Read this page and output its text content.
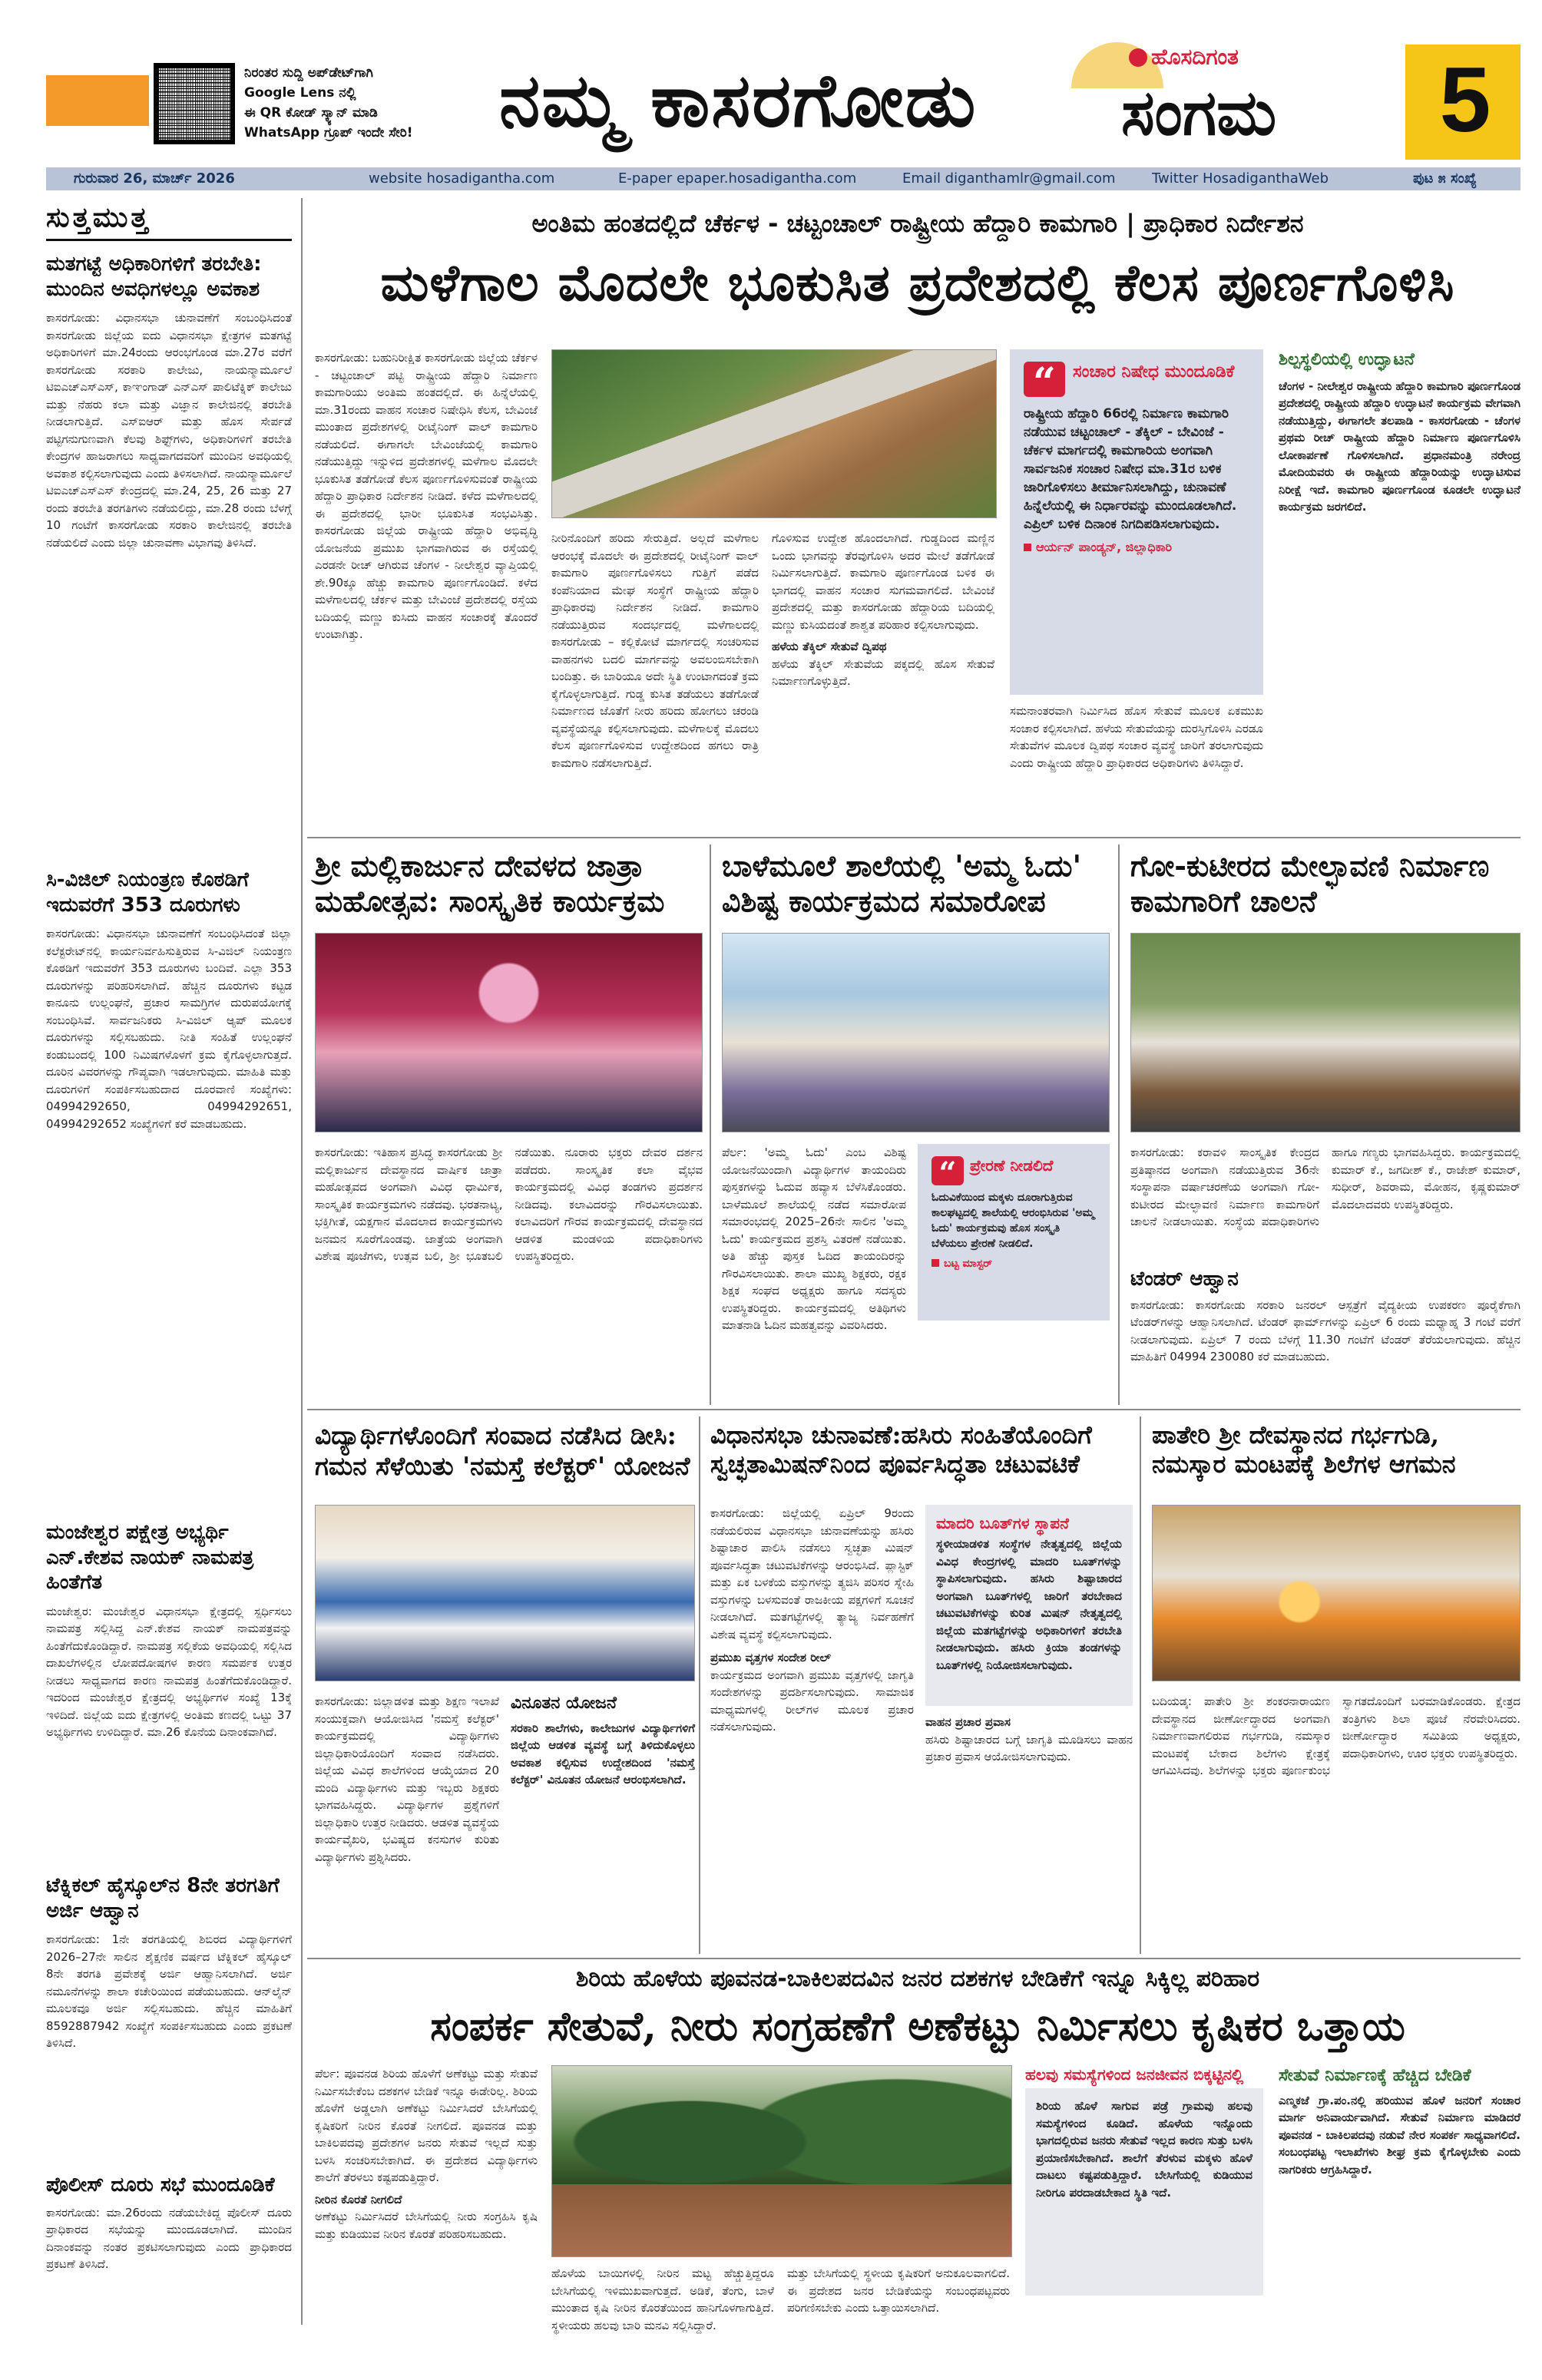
ನಿರಂತರ ಸುದ್ದಿ ಅಪ್‌ಡೇಟ್‌ಗಾಗಿ
Google Lens ನಲ್ಲಿ
ಈ QR ಕೋಡ್ ಸ್ಕ್ಯಾನ್ ಮಾಡಿ
WhatsApp ಗ್ರೂಪ್ ಇಂದೇ ಸೇರಿ!	ನಮ್ಮ ಕಾಸರಗೋಡು	ಹೊಸದಿಗಂತ
ಸಂಗಮ 5
ಗುರುವಾರ 26, ಮಾರ್ಚ್ 2026	website hosadigantha.com	E-paper epaper.hosadigantha.com	Email diganthamlr@gmail.com	Twitter HosadiganthaWeb	ಪುಟ ೫ ಸಂಖ್ಯೆ
ಸುತ್ತಮುತ್ತ
ಮತಗಟ್ಟೆ ಅಧಿಕಾರಿಗಳಿಗೆ ತರಬೇತಿ: ಮುಂದಿನ ಅವಧಿಗಳಲ್ಲೂ ಅವಕಾಶ
ಕಾಸರಗೋಡು: ವಿಧಾನಸಭಾ ಚುನಾವಣೆಗೆ ಸಂಬಂಧಿಸಿದಂತೆ ಕಾಸರಗೋಡು ಜಿಲ್ಲೆಯ ಐದು ವಿಧಾನಸಭಾ ಕ್ಷೇತ್ರಗಳ ಮತಗಟ್ಟೆ ಅಧಿಕಾರಿಗಳಿಗೆ ಮಾ.24ರಂದು ಆರಂಭಗೊಂಡ ಮಾ.27ರ ವರೆಗೆ ಕಾಸರಗೋಡು ಸರಕಾರಿ ಕಾಲೇಜು, ನಾಯನ್ಮಾರ್ಮೂಲೆ ಟಿಐಎಚ್‌ಎಸ್‌ಎಸ್, ಕಾಞಂಗಾಡ್ ಎನ್‌ಎಸ್ ಪಾಲಿಟೆಕ್ನಿಕ್ ಕಾಲೇಜು ಮತ್ತು ನೆಹರು ಕಲಾ ಮತ್ತು ವಿಜ್ಞಾನ ಕಾಲೇಜಿನಲ್ಲಿ ತರಬೇತಿ ನೀಡಲಾಗುತ್ತಿದೆ. ಎಸ್ಐಆರ್ ಮತ್ತು ಹೊಸ ಸೇರ್ಪಡೆ ಪಟ್ಟಿಗನುಗುಣವಾಗಿ ಕೆಲವು ಶಿಫ್ಟ್‌ಗಳು, ಅಧಿಕಾರಿಗಳಿಗೆ ತರಬೇತಿ ಕೇಂದ್ರಗಳ ಹಾಜರಾಗಲು ಸಾಧ್ಯವಾಗದವರಿಗೆ ಮುಂದಿನ ಅವಧಿಯಲ್ಲಿ ಅವಕಾಶ ಕಲ್ಪಿಸಲಾಗುವುದು ಎಂದು ತಿಳಿಸಲಾಗಿದೆ. ನಾಯನ್ಮಾರ್ಮೂಲೆ ಟಿಐಎಚ್‌ಎಸ್‌ಎಸ್ ಕೇಂದ್ರದಲ್ಲಿ ಮಾ.24, 25, 26 ಮತ್ತು 27 ರಂದು ತರಬೇತಿ ತರಗತಿಗಳು ನಡೆಯಲಿದ್ದು, ಮಾ.28 ರಂದು ಬೆಳಗ್ಗೆ 10 ಗಂಟೆಗೆ ಕಾಸರಗೋಡು ಸರಕಾರಿ ಕಾಲೇಜಿನಲ್ಲಿ ತರಬೇತಿ ನಡೆಯಲಿದೆ ಎಂದು ಜಿಲ್ಲಾ ಚುನಾವಣಾ ವಿಭಾಗವು ತಿಳಿಸಿದೆ.
ಸಿ-ವಿಜಿಲ್ ನಿಯಂತ್ರಣ ಕೊಠಡಿಗೆ ಇದುವರೆಗೆ 353 ದೂರುಗಳು
ಕಾಸರಗೋಡು: ವಿಧಾನಸಭಾ ಚುನಾವಣೆಗೆ ಸಂಬಂಧಿಸಿದಂತೆ ಜಿಲ್ಲಾ ಕಲೆಕ್ಟರೇಟ್‌ನಲ್ಲಿ ಕಾರ್ಯನಿರ್ವಹಿಸುತ್ತಿರುವ ಸಿ-ವಿಜಿಲ್ ನಿಯಂತ್ರಣ ಕೊಠಡಿಗೆ ಇದುವರೆಗೆ 353 ದೂರುಗಳು ಬಂದಿವೆ. ಎಲ್ಲಾ 353 ದೂರುಗಳನ್ನು ಪರಿಹರಿಸಲಾಗಿದೆ. ಹೆಚ್ಚಿನ ದೂರುಗಳು ಕಟ್ಟಡ ಕಾನೂನು ಉಲ್ಲಂಘನೆ, ಪ್ರಚಾರ ಸಾಮಗ್ರಿಗಳ ದುರುಪಯೋಗಕ್ಕೆ ಸಂಬಂಧಿಸಿವೆ. ಸಾರ್ವಜನಿಕರು ಸಿ-ವಿಜಿಲ್ ಆ್ಯಪ್ ಮೂಲಕ ದೂರುಗಳನ್ನು ಸಲ್ಲಿಸಬಹುದು. ನೀತಿ ಸಂಹಿತೆ ಉಲ್ಲಂಘನೆ ಕಂಡುಬಂದಲ್ಲಿ 100 ನಿಮಿಷಗಳೊಳಗೆ ಕ್ರಮ ಕೈಗೊಳ್ಳಲಾಗುತ್ತದೆ. ದೂರಿನ ವಿವರಗಳನ್ನು ಗೌಪ್ಯವಾಗಿ ಇಡಲಾಗುವುದು. ಮಾಹಿತಿ ಮತ್ತು ದೂರುಗಳಿಗೆ ಸಂಪರ್ಕಿಸಬಹುದಾದ ದೂರವಾಣಿ ಸಂಖ್ಯೆಗಳು: 04994292650, 04994292651, 04994292652 ಸಂಖ್ಯೆಗಳಿಗೆ ಕರೆ ಮಾಡಬಹುದು.
ಮಂಜೇಶ್ವರ ಪಕ್ಷೇತ್ರ ಅಭ್ಯರ್ಥಿ ಎನ್.ಕೇಶವ ನಾಯಕ್ ನಾಮಪತ್ರ ಹಿಂತೆಗೆತ
ಮಂಜೇಶ್ವರ: ಮಂಜೇಶ್ವರ ವಿಧಾನಸಭಾ ಕ್ಷೇತ್ರದಲ್ಲಿ ಸ್ಪರ್ಧಿಸಲು ನಾಮಪತ್ರ ಸಲ್ಲಿಸಿದ್ದ ಎನ್.ಕೇಶವ ನಾಯಕ್ ನಾಮಪತ್ರವನ್ನು ಹಿಂತೆಗೆದುಕೊಂಡಿದ್ದಾರೆ. ನಾಮಪತ್ರ ಸಲ್ಲಿಕೆಯ ಅವಧಿಯಲ್ಲಿ ಸಲ್ಲಿಸಿದ ದಾಖಲೆಗಳಲ್ಲಿನ ಲೋಪದೋಷಗಳ ಕಾರಣ ಸಮರ್ಪಕ ಉತ್ತರ ನೀಡಲು ಸಾಧ್ಯವಾಗದ ಕಾರಣ ನಾಮಪತ್ರ ಹಿಂತೆಗೆದುಕೊಂಡಿದ್ದಾರೆ. ಇದರಿಂದ ಮಂಜೇಶ್ವರ ಕ್ಷೇತ್ರದಲ್ಲಿ ಅಭ್ಯರ್ಥಿಗಳ ಸಂಖ್ಯೆ 13ಕ್ಕೆ ಇಳಿದಿದೆ. ಜಿಲ್ಲೆಯ ಐದು ಕ್ಷೇತ್ರಗಳಲ್ಲಿ ಅಂತಿಮ ಕಣದಲ್ಲಿ ಒಟ್ಟು 37 ಅಭ್ಯರ್ಥಿಗಳು ಉಳಿದಿದ್ದಾರೆ. ಮಾ.26 ಕೊನೆಯ ದಿನಾಂಕವಾಗಿದೆ.
ಟೆಕ್ನಿಕಲ್ ಹೈಸ್ಕೂಲ್‌ನ 8ನೇ ತರಗತಿಗೆ ಅರ್ಜಿ ಆಹ್ವಾನ
ಕಾಸರಗೋಡು: 1ನೇ ತರಗತಿಯಲ್ಲಿ ಶಿಬಿರದ ವಿದ್ಯಾರ್ಥಿಗಳಿಗೆ 2026–27ನೇ ಸಾಲಿನ ಶೈಕ್ಷಣಿಕ ವರ್ಷದ ಟೆಕ್ನಿಕಲ್ ಹೈಸ್ಕೂಲ್ 8ನೇ ತರಗತಿ ಪ್ರವೇಶಕ್ಕೆ ಅರ್ಜಿ ಆಹ್ವಾನಿಸಲಾಗಿದೆ. ಅರ್ಜಿ ನಮೂನೆಗಳನ್ನು ಶಾಲಾ ಕಚೇರಿಯಿಂದ ಪಡೆಯಬಹುದು. ಆನ್‌ಲೈನ್ ಮೂಲಕವೂ ಅರ್ಜಿ ಸಲ್ಲಿಸಬಹುದು. ಹೆಚ್ಚಿನ ಮಾಹಿತಿಗೆ 8592887942 ಸಂಖ್ಯೆಗೆ ಸಂಪರ್ಕಿಸಬಹುದು ಎಂದು ಪ್ರಕಟಣೆ ತಿಳಿಸಿದೆ.
ಪೊಲೀಸ್ ದೂರು ಸಭೆ ಮುಂದೂಡಿಕೆ
ಕಾಸರಗೋಡು: ಮಾ.26ರಂದು ನಡೆಯಬೇಕಿದ್ದ ಪೊಲೀಸ್ ದೂರು ಪ್ರಾಧಿಕಾರದ ಸಭೆಯನ್ನು ಮುಂದೂಡಲಾಗಿದೆ. ಮುಂದಿನ ದಿನಾಂಕವನ್ನು ನಂತರ ಪ್ರಕಟಿಸಲಾಗುವುದು ಎಂದು ಪ್ರಾಧಿಕಾರದ ಪ್ರಕಟಣೆ ತಿಳಿಸಿದೆ.
ಅಂತಿಮ ಹಂತದಲ್ಲಿದೆ ಚೆರ್ಕಳ - ಚಟ್ಟಂಚಾಲ್ ರಾಷ್ಟ್ರೀಯ ಹೆದ್ದಾರಿ ಕಾಮಗಾರಿ | ಪ್ರಾಧಿಕಾರ ನಿರ್ದೇಶನ
ಮಳೆಗಾಲ ಮೊದಲೇ ಭೂಕುಸಿತ ಪ್ರದೇಶದಲ್ಲಿ ಕೆಲಸ ಪೂರ್ಣಗೊಳಿಸಿ
ಕಾಸರಗೋಡು: ಬಹುನಿರೀಕ್ಷಿತ ಕಾಸರಗೋಡು ಜಿಲ್ಲೆಯ ಚೆರ್ಕಳ - ಚಟ್ಟಂಚಾಲ್ ಪಟ್ಟಿ ರಾಷ್ಟ್ರೀಯ ಹೆದ್ದಾರಿ ನಿರ್ಮಾಣ ಕಾಮಗಾರಿಯು ಅಂತಿಮ ಹಂತದಲ್ಲಿದೆ. ಈ ಹಿನ್ನೆಲೆಯಲ್ಲಿ ಮಾ.31ರಂದು ವಾಹನ ಸಂಚಾರ ನಿಷೇಧಿಸಿ ಕೆಲಸ, ಬೇವಿಂಜೆ ಮುಂತಾದ ಪ್ರದೇಶಗಳಲ್ಲಿ ರೀಟೈನಿಂಗ್ ವಾಲ್ ಕಾಮಗಾರಿ ನಡೆಯಲಿದೆ. ಈಗಾಗಲೇ ಬೇವಿಂಜೆಯಲ್ಲಿ ಕಾಮಗಾರಿ ನಡೆಯುತ್ತಿದ್ದು ಇನ್ನುಳಿದ ಪ್ರದೇಶಗಳಲ್ಲಿ ಮಳೆಗಾಲ ಮೊದಲೇ ಭೂಕುಸಿತ ತಡೆಗೋಡೆ ಕೆಲಸ ಪೂರ್ಣಗೊಳಿಸುವಂತೆ ರಾಷ್ಟ್ರೀಯ ಹೆದ್ದಾರಿ ಪ್ರಾಧಿಕಾರ ನಿರ್ದೇಶನ ನೀಡಿದೆ. ಕಳೆದ ಮಳೆಗಾಲದಲ್ಲಿ ಈ ಪ್ರದೇಶದಲ್ಲಿ ಭಾರೀ ಭೂಕುಸಿತ ಸಂಭವಿಸಿತ್ತು. ಕಾಸರಗೋಡು ಜಿಲ್ಲೆಯ ರಾಷ್ಟ್ರೀಯ ಹೆದ್ದಾರಿ ಅಭಿವೃದ್ಧಿ ಯೋಜನೆಯ ಪ್ರಮುಖ ಭಾಗವಾಗಿರುವ ಈ ರಸ್ತೆಯಲ್ಲಿ ಎರಡನೇ ರೀಚ್ ಆಗಿರುವ ಚೆಂಗಳ - ನೀಲೇಶ್ವರ ವ್ಯಾಪ್ತಿಯಲ್ಲಿ ಶೇ.90ಕ್ಕೂ ಹೆಚ್ಚು ಕಾಮಗಾರಿ ಪೂರ್ಣಗೊಂಡಿದೆ. ಕಳೆದ ಮಳೆಗಾಲದಲ್ಲಿ ಚೆರ್ಕಳ ಮತ್ತು ಬೇವಿಂಜೆ ಪ್ರದೇಶದಲ್ಲಿ ರಸ್ತೆಯ ಬದಿಯಲ್ಲಿ ಮಣ್ಣು ಕುಸಿದು ವಾಹನ ಸಂಚಾರಕ್ಕೆ ತೊಂದರೆ ಉಂಟಾಗಿತ್ತು.
ನೀರಿನೊಂದಿಗೆ ಹರಿದು ಸೇರುತ್ತಿದೆ. ಅಲ್ಲದೆ ಮಳೆಗಾಲ ಆರಂಭಕ್ಕೆ ಮೊದಲೇ ಈ ಪ್ರದೇಶದಲ್ಲಿ ರೀಟೈನಿಂಗ್ ವಾಲ್ ಕಾಮಗಾರಿ ಪೂರ್ಣಗೊಳಿಸಲು ಗುತ್ತಿಗೆ ಪಡೆದ ಕಂಪೆನಿಯಾದ ಮೇಘ ಸಂಸ್ಥೆಗೆ ರಾಷ್ಟ್ರೀಯ ಹೆದ್ದಾರಿ ಪ್ರಾಧಿಕಾರವು ನಿರ್ದೇಶನ ನೀಡಿದೆ. ಕಾಮಗಾರಿ ನಡೆಯುತ್ತಿರುವ ಸಂದರ್ಭದಲ್ಲಿ ಮಳೆಗಾಲದಲ್ಲಿ ಕಾಸರಗೋಡು – ಕಲ್ಲಿಕೋಟೆ ಮಾರ್ಗದಲ್ಲಿ ಸಂಚರಿಸುವ ವಾಹನಗಳು ಬದಲಿ ಮಾರ್ಗವನ್ನು ಅವಲಂಬಿಸಬೇಕಾಗಿ ಬಂದಿತ್ತು. ಈ ಬಾರಿಯೂ ಅದೇ ಸ್ಥಿತಿ ಉಂಟಾಗದಂತೆ ಕ್ರಮ ಕೈಗೊಳ್ಳಲಾಗುತ್ತಿದೆ. ಗುಡ್ಡ ಕುಸಿತ ತಡೆಯಲು ತಡೆಗೋಡೆ ನಿರ್ಮಾಣದ ಜೊತೆಗೆ ನೀರು ಹರಿದು ಹೋಗಲು ಚರಂಡಿ ವ್ಯವಸ್ಥೆಯನ್ನೂ ಕಲ್ಪಿಸಲಾಗುವುದು. ಮಳೆಗಾಲಕ್ಕೆ ಮೊದಲು ಕೆಲಸ ಪೂರ್ಣಗೊಳಿಸುವ ಉದ್ದೇಶದಿಂದ ಹಗಲು ರಾತ್ರಿ ಕಾಮಗಾರಿ ನಡೆಸಲಾಗುತ್ತಿದೆ.
ಗೊಳಿಸುವ ಉದ್ದೇಶ ಹೊಂದಲಾಗಿದೆ. ಗುಡ್ಡದಿಂದ ಮಣ್ಣಿನ ಒಂದು ಭಾಗವನ್ನು ತೆರವುಗೊಳಿಸಿ ಅದರ ಮೇಲೆ ತಡೆಗೋಡೆ ನಿರ್ಮಿಸಲಾಗುತ್ತಿದೆ. ಕಾಮಗಾರಿ ಪೂರ್ಣಗೊಂಡ ಬಳಿಕ ಈ ಭಾಗದಲ್ಲಿ ವಾಹನ ಸಂಚಾರ ಸುಗಮವಾಗಲಿದೆ. ಬೇವಿಂಜೆ ಪ್ರದೇಶದಲ್ಲಿ ಮತ್ತು ಕಾಸರಗೋಡು ಹೆದ್ದಾರಿಯ ಬದಿಯಲ್ಲಿ ಮಣ್ಣು ಕುಸಿಯದಂತೆ ಶಾಶ್ವತ ಪರಿಹಾರ ಕಲ್ಪಿಸಲಾಗುವುದು.
ಹಳೆಯ ತೆಕ್ಕಿಲ್ ಸೇತುವೆ ದ್ವಿಪಥ
ಹಳೆಯ ತೆಕ್ಕಿಲ್ ಸೇತುವೆಯ ಪಕ್ಕದಲ್ಲಿ ಹೊಸ ಸೇತುವೆ ನಿರ್ಮಾಣಗೊಳ್ಳುತ್ತಿದೆ.
“	ಸಂಚಾರ ನಿಷೇಧ ಮುಂದೂಡಿಕೆ
ರಾಷ್ಟ್ರೀಯ ಹೆದ್ದಾರಿ 66ರಲ್ಲಿ ನಿರ್ಮಾಣ ಕಾಮಗಾರಿ ನಡೆಯುವ ಚಟ್ಟಂಚಾಲ್ - ತೆಕ್ಕಿಲ್ - ಬೇವಿಂಜೆ - ಚೆರ್ಕಳ ಮಾರ್ಗದಲ್ಲಿ ಕಾಮಗಾರಿಯ ಅಂಗವಾಗಿ ಸಾರ್ವಜನಿಕ ಸಂಚಾರ ನಿಷೇಧ ಮಾ.31ರ ಬಳಿಕ ಜಾರಿಗೊಳಿಸಲು ತೀರ್ಮಾನಿಸಲಾಗಿದ್ದು, ಚುನಾವಣೆ ಹಿನ್ನೆಲೆಯಲ್ಲಿ ಈ ನಿರ್ಧಾರವನ್ನು ಮುಂದೂಡಲಾಗಿದೆ. ಎಪ್ರಿಲ್ ಬಳಿಕ ದಿನಾಂಕ ನಿಗದಿಪಡಿಸಲಾಗುವುದು.
ಆರ್ಯನ್ ಪಾಂಡ್ಯನ್, ಜಿಲ್ಲಾಧಿಕಾರಿ
ಸಮನಾಂತರವಾಗಿ ನಿರ್ಮಿಸಿದ ಹೊಸ ಸೇತುವೆ ಮೂಲಕ ಏಕಮುಖ ಸಂಚಾರ ಕಲ್ಪಿಸಲಾಗಿದೆ. ಹಳೆಯ ಸೇತುವೆಯನ್ನು ದುರಸ್ತಿಗೊಳಿಸಿ ಎರಡೂ ಸೇತುವೆಗಳ ಮೂಲಕ ದ್ವಿಪಥ ಸಂಚಾರ ವ್ಯವಸ್ಥೆ ಜಾರಿಗೆ ತರಲಾಗುವುದು ಎಂದು ರಾಷ್ಟ್ರೀಯ ಹೆದ್ದಾರಿ ಪ್ರಾಧಿಕಾರದ ಅಧಿಕಾರಿಗಳು ತಿಳಿಸಿದ್ದಾರೆ.
ಶಿಲ್ಪಸ್ಥಲಿಯಲ್ಲಿ ಉದ್ಘಾಟನೆ
ಚೆಂಗಳ - ನೀಲೇಶ್ವರ ರಾಷ್ಟ್ರೀಯ ಹೆದ್ದಾರಿ ಕಾಮಗಾರಿ ಪೂರ್ಣಗೊಂಡ ಪ್ರದೇಶದಲ್ಲಿ ರಾಷ್ಟ್ರೀಯ ಹೆದ್ದಾರಿ ಉದ್ಘಾಟನೆ ಕಾರ್ಯಕ್ರಮ ವೇಗವಾಗಿ ನಡೆಯುತ್ತಿದ್ದು, ಈಗಾಗಲೇ ತಲಪಾಡಿ - ಕಾಸರಗೋಡು - ಚೆಂಗಳ ಪ್ರಥಮ ರೀಚ್ ರಾಷ್ಟ್ರೀಯ ಹೆದ್ದಾರಿ ನಿರ್ಮಾಣ ಪೂರ್ಣಗೊಳಿಸಿ ಲೋಕಾರ್ಪಣೆ ಗೊಳಿಸಲಾಗಿದೆ. ಪ್ರಧಾನಮಂತ್ರಿ ನರೇಂದ್ರ ಮೋದಿಯವರು ಈ ರಾಷ್ಟ್ರೀಯ ಹೆದ್ದಾರಿಯನ್ನು ಉದ್ಘಾಟಿಸುವ ನಿರೀಕ್ಷೆ ಇದೆ. ಕಾಮಗಾರಿ ಪೂರ್ಣಗೊಂಡ ಕೂಡಲೇ ಉದ್ಘಾಟನೆ ಕಾರ್ಯಕ್ರಮ ಜರಗಲಿದೆ.
ಶ್ರೀ ಮಲ್ಲಿಕಾರ್ಜುನ ದೇವಳದ ಜಾತ್ರಾ ಮಹೋತ್ಸವ: ಸಾಂಸ್ಕೃತಿಕ ಕಾರ್ಯಕ್ರಮ
ಕಾಸರಗೋಡು: ಇತಿಹಾಸ ಪ್ರಸಿದ್ಧ ಕಾಸರಗೋಡು ಶ್ರೀ ಮಲ್ಲಿಕಾರ್ಜುನ ದೇವಸ್ಥಾನದ ವಾರ್ಷಿಕ ಜಾತ್ರಾ ಮಹೋತ್ಸವದ ಅಂಗವಾಗಿ ವಿವಿಧ ಧಾರ್ಮಿಕ, ಸಾಂಸ್ಕೃತಿಕ ಕಾರ್ಯಕ್ರಮಗಳು ನಡೆದವು. ಭರತನಾಟ್ಯ, ಭಕ್ತಿಗೀತೆ, ಯಕ್ಷಗಾನ ಮೊದಲಾದ ಕಾರ್ಯಕ್ರಮಗಳು ಜನಮನ ಸೂರೆಗೊಂಡವು. ಜಾತ್ರೆಯ ಅಂಗವಾಗಿ ವಿಶೇಷ ಪೂಜೆಗಳು, ಉತ್ಸವ ಬಲಿ, ಶ್ರೀ ಭೂತಬಲಿ ನಡೆಯಿತು. ನೂರಾರು ಭಕ್ತರು ದೇವರ ದರ್ಶನ ಪಡೆದರು. ಸಾಂಸ್ಕೃತಿಕ ಕಲಾ ವೈಭವ ಕಾರ್ಯಕ್ರಮದಲ್ಲಿ ವಿವಿಧ ತಂಡಗಳು ಪ್ರದರ್ಶನ ನೀಡಿದವು. ಕಲಾವಿದರನ್ನು ಗೌರವಿಸಲಾಯಿತು. ಕಲಾವಿದರಿಗೆ ಗೌರವ ಕಾರ್ಯಕ್ರಮದಲ್ಲಿ ದೇವಸ್ಥಾನದ ಆಡಳಿತ ಮಂಡಳಿಯ ಪದಾಧಿಕಾರಿಗಳು ಉಪಸ್ಥಿತರಿದ್ದರು.
ಬಾಳೆಮೂಲೆ ಶಾಲೆಯಲ್ಲಿ 'ಅಮ್ಮ ಓದು' ವಿಶಿಷ್ಟ ಕಾರ್ಯಕ್ರಮದ ಸಮಾರೋಪ
ಪೆರ್ಲ: 'ಅಮ್ಮ ಓದು' ಎಂಬ ವಿಶಿಷ್ಟ ಯೋಜನೆಯಿಂದಾಗಿ ವಿದ್ಯಾರ್ಥಿಗಳ ತಾಯಂದಿರು ಪುಸ್ತಕಗಳನ್ನು ಓದುವ ಹವ್ಯಾಸ ಬೆಳೆಸಿಕೊಂಡರು. ಬಾಳೆಮೂಲೆ ಶಾಲೆಯಲ್ಲಿ ನಡೆದ ಸಮಾರೋಪ ಸಮಾರಂಭದಲ್ಲಿ 2025–26ನೇ ಸಾಲಿನ 'ಅಮ್ಮ ಓದು' ಕಾರ್ಯಕ್ರಮದ ಪ್ರಶಸ್ತಿ ವಿತರಣೆ ನಡೆಯಿತು. ಅತಿ ಹೆಚ್ಚು ಪುಸ್ತಕ ಓದಿದ ತಾಯಂದಿರನ್ನು ಗೌರವಿಸಲಾಯಿತು. ಶಾಲಾ ಮುಖ್ಯ ಶಿಕ್ಷಕರು, ರಕ್ಷಕ ಶಿಕ್ಷಕ ಸಂಘದ ಅಧ್ಯಕ್ಷರು ಹಾಗೂ ಸದಸ್ಯರು ಉಪಸ್ಥಿತರಿದ್ದರು. ಕಾರ್ಯಕ್ರಮದಲ್ಲಿ ಅತಿಥಿಗಳು ಮಾತನಾಡಿ ಓದಿನ ಮಹತ್ವವನ್ನು ವಿವರಿಸಿದರು.
“ ಪ್ರೇರಣೆ ನೀಡಲಿದೆ
ಓದುವಿಕೆಯಿಂದ ಮಕ್ಕಳು ದೂರಾಗುತ್ತಿರುವ ಕಾಲಘಟ್ಟದಲ್ಲಿ ಶಾಲೆಯಲ್ಲಿ ಆರಂಭಿಸಿರುವ 'ಅಮ್ಮ ಓದು' ಕಾರ್ಯಕ್ರಮವು ಹೊಸ ಸಂಸ್ಕೃತಿ ಬೆಳೆಯಲು ಪ್ರೇರಣೆ ನೀಡಲಿದೆ.
ಬಟ್ಟ ಮಾಸ್ಟರ್
ಗೋ-ಕುಟೀರದ ಮೇಲ್ಛಾವಣಿ ನಿರ್ಮಾಣ ಕಾಮಗಾರಿಗೆ ಚಾಲನೆ
ಕಾಸರಗೋಡು: ಕರಾವಳಿ ಸಾಂಸ್ಕೃತಿಕ ಕೇಂದ್ರದ ಪ್ರತಿಷ್ಠಾನದ ಅಂಗವಾಗಿ ನಡೆಯುತ್ತಿರುವ 36ನೇ ಸಂಸ್ಥಾಪನಾ ವರ್ಷಾಚರಣೆಯ ಅಂಗವಾಗಿ ಗೋ-ಕುಟೀರದ ಮೇಲ್ಛಾವಣಿ ನಿರ್ಮಾಣ ಕಾಮಗಾರಿಗೆ ಚಾಲನೆ ನೀಡಲಾಯಿತು. ಸಂಸ್ಥೆಯ ಪದಾಧಿಕಾರಿಗಳು ಹಾಗೂ ಗಣ್ಯರು ಭಾಗವಹಿಸಿದ್ದರು. ಕಾರ್ಯಕ್ರಮದಲ್ಲಿ ಕುಮಾರ್ ಕೆ., ಜಗದೀಶ್ ಕೆ., ರಾಜೇಶ್ ಕುಮಾರ್, ಸುಧೀರ್, ಶಿವರಾಮ, ಮೋಹನ, ಕೃಷ್ಣಕುಮಾರ್ ಮೊದಲಾದವರು ಉಪಸ್ಥಿತರಿದ್ದರು.
ಟೆಂಡರ್ ಆಹ್ವಾನ
ಕಾಸರಗೋಡು: ಕಾಸರಗೋಡು ಸರಕಾರಿ ಜನರಲ್ ಆಸ್ಪತ್ರೆಗೆ ವೈದ್ಯಕೀಯ ಉಪಕರಣ ಪೂರೈಕೆಗಾಗಿ ಟೆಂಡರ್‌ಗಳನ್ನು ಆಹ್ವಾನಿಸಲಾಗಿದೆ. ಟೆಂಡರ್ ಫಾರ್ಮ್‌ಗಳನ್ನು ಏಪ್ರಿಲ್ 6 ರಂದು ಮಧ್ಯಾಹ್ನ 3 ಗಂಟೆ ವರೆಗೆ ನೀಡಲಾಗುವುದು. ಏಪ್ರಿಲ್ 7 ರಂದು ಬೆಳಗ್ಗೆ 11.30 ಗಂಟೆಗೆ ಟೆಂಡರ್ ತೆರೆಯಲಾಗುವುದು. ಹೆಚ್ಚಿನ ಮಾಹಿತಿಗೆ 04994 230080 ಕರೆ ಮಾಡಬಹುದು.
ವಿದ್ಯಾರ್ಥಿಗಳೊಂದಿಗೆ ಸಂವಾದ ನಡೆಸಿದ ಡೀಸಿ: ಗಮನ ಸೆಳೆಯಿತು 'ನಮಸ್ತೆ ಕಲೆಕ್ಟರ್' ಯೋಜನೆ
ಕಾಸರಗೋಡು: ಜಿಲ್ಲಾಡಳಿತ ಮತ್ತು ಶಿಕ್ಷಣ ಇಲಾಖೆ ಸಂಯುಕ್ತವಾಗಿ ಆಯೋಜಿಸಿದ 'ನಮಸ್ತೆ ಕಲೆಕ್ಟರ್' ಕಾರ್ಯಕ್ರಮದಲ್ಲಿ ವಿದ್ಯಾರ್ಥಿಗಳು ಜಿಲ್ಲಾಧಿಕಾರಿಯೊಂದಿಗೆ ಸಂವಾದ ನಡೆಸಿದರು. ಜಿಲ್ಲೆಯ ವಿವಿಧ ಶಾಲೆಗಳಿಂದ ಆಯ್ಕೆಯಾದ 20 ಮಂದಿ ವಿದ್ಯಾರ್ಥಿಗಳು ಮತ್ತು ಇಬ್ಬರು ಶಿಕ್ಷಕರು ಭಾಗವಹಿಸಿದ್ದರು. ವಿದ್ಯಾರ್ಥಿಗಳ ಪ್ರಶ್ನೆಗಳಿಗೆ ಜಿಲ್ಲಾಧಿಕಾರಿ ಉತ್ತರ ನೀಡಿದರು. ಆಡಳಿತ ವ್ಯವಸ್ಥೆಯ ಕಾರ್ಯವೈಖರಿ, ಭವಿಷ್ಯದ ಕನಸುಗಳ ಕುರಿತು ವಿದ್ಯಾರ್ಥಿಗಳು ಪ್ರಶ್ನಿಸಿದರು.
ವಿನೂತನ ಯೋಜನೆ
ಸರಕಾರಿ ಶಾಲೆಗಳು, ಕಾಲೇಜುಗಳ ವಿದ್ಯಾರ್ಥಿಗಳಿಗೆ ಜಿಲ್ಲೆಯ ಆಡಳಿತ ವ್ಯವಸ್ಥೆ ಬಗ್ಗೆ ತಿಳಿದುಕೊಳ್ಳಲು ಅವಕಾಶ ಕಲ್ಪಿಸುವ ಉದ್ದೇಶದಿಂದ 'ನಮಸ್ತೆ ಕಲೆಕ್ಟರ್' ವಿನೂತನ ಯೋಜನೆ ಆರಂಭಿಸಲಾಗಿದೆ.
ವಿಧಾನಸಭಾ ಚುನಾವಣೆ:ಹಸಿರು ಸಂಹಿತೆಯೊಂದಿಗೆ ಸ್ವಚ್ಛತಾಮಿಷನ್‌ನಿಂದ ಪೂರ್ವಸಿದ್ಧತಾ ಚಟುವಟಿಕೆ
ಕಾಸರಗೋಡು: ಜಿಲ್ಲೆಯಲ್ಲಿ ಏಪ್ರಿಲ್ 9ರಂದು ನಡೆಯಲಿರುವ ವಿಧಾನಸಭಾ ಚುನಾವಣೆಯನ್ನು ಹಸಿರು ಶಿಷ್ಟಾಚಾರ ಪಾಲಿಸಿ ನಡೆಸಲು ಸ್ವಚ್ಛತಾ ಮಿಷನ್ ಪೂರ್ವಸಿದ್ಧತಾ ಚಟುವಟಿಕೆಗಳನ್ನು ಆರಂಭಿಸಿದೆ. ಪ್ಲಾಸ್ಟಿಕ್ ಮತ್ತು ಏಕ ಬಳಕೆಯ ವಸ್ತುಗಳನ್ನು ತ್ಯಜಿಸಿ ಪರಿಸರ ಸ್ನೇಹಿ ವಸ್ತುಗಳನ್ನು ಬಳಸುವಂತೆ ರಾಜಕೀಯ ಪಕ್ಷಗಳಿಗೆ ಸೂಚನೆ ನೀಡಲಾಗಿದೆ. ಮತಗಟ್ಟೆಗಳಲ್ಲಿ ತ್ಯಾಜ್ಯ ನಿರ್ವಹಣೆಗೆ ವಿಶೇಷ ವ್ಯವಸ್ಥೆ ಕಲ್ಪಿಸಲಾಗುವುದು.
ಪ್ರಮುಖ ವೃತ್ತಗಳ ಸಂದೇಶ ರೀಲ್
ಕಾರ್ಯಕ್ರಮದ ಅಂಗವಾಗಿ ಪ್ರಮುಖ ವೃತ್ತಗಳಲ್ಲಿ ಜಾಗೃತಿ ಸಂದೇಶಗಳನ್ನು ಪ್ರದರ್ಶಿಸಲಾಗುವುದು. ಸಾಮಾಜಿಕ ಮಾಧ್ಯಮಗಳಲ್ಲಿ ರೀಲ್‌ಗಳ ಮೂಲಕ ಪ್ರಚಾರ ನಡೆಸಲಾಗುವುದು.
ಮಾದರಿ ಬೂತ್‌ಗಳ ಸ್ಥಾಪನೆ
ಸ್ಥಳೀಯಾಡಳಿತ ಸಂಸ್ಥೆಗಳ ನೇತೃತ್ವದಲ್ಲಿ ಜಿಲ್ಲೆಯ ವಿವಿಧ ಕೇಂದ್ರಗಳಲ್ಲಿ ಮಾದರಿ ಬೂತ್‌ಗಳನ್ನು ಸ್ಥಾಪಿಸಲಾಗುವುದು. ಹಸಿರು ಶಿಷ್ಟಾಚಾರದ ಅಂಗವಾಗಿ ಬೂತ್‌ಗಳಲ್ಲಿ ಜಾರಿಗೆ ತರಬೇಕಾದ ಚಟುವಟಿಕೆಗಳನ್ನು ಕುರಿತ ಮಿಷನ್ ನೇತೃತ್ವದಲ್ಲಿ ಜಿಲ್ಲೆಯ ಮತಗಟ್ಟೆಗಳನ್ನು ಅಧಿಕಾರಿಗಳಿಗೆ ತರಬೇತಿ ನೀಡಲಾಗುವುದು. ಹಸಿರು ಕ್ರಿಯಾ ತಂಡಗಳನ್ನು ಬೂತ್‌ಗಳಲ್ಲಿ ನಿಯೋಜಿಸಲಾಗುವುದು.
ವಾಹನ ಪ್ರಚಾರ ಪ್ರವಾಸ
ಹಸಿರು ಶಿಷ್ಟಾಚಾರದ ಬಗ್ಗೆ ಜಾಗೃತಿ ಮೂಡಿಸಲು ವಾಹನ ಪ್ರಚಾರ ಪ್ರವಾಸ ಆಯೋಜಿಸಲಾಗುವುದು.
ಪಾತೇರಿ ಶ್ರೀ ದೇವಸ್ಥಾನದ ಗರ್ಭಗುಡಿ, ನಮಸ್ಕಾರ ಮಂಟಪಕ್ಕೆ ಶಿಲೆಗಳ ಆಗಮನ
ಬದಿಯಡ್ಕ: ಪಾತೇರಿ ಶ್ರೀ ಶಂಕರನಾರಾಯಣ ದೇವಸ್ಥಾನದ ಜೀರ್ಣೋದ್ಧಾರದ ಅಂಗವಾಗಿ ನಿರ್ಮಾಣವಾಗಲಿರುವ ಗರ್ಭಗುಡಿ, ನಮಸ್ಕಾರ ಮಂಟಪಕ್ಕೆ ಬೇಕಾದ ಶಿಲೆಗಳು ಕ್ಷೇತ್ರಕ್ಕೆ ಆಗಮಿಸಿದವು. ಶಿಲೆಗಳನ್ನು ಭಕ್ತರು ಪೂರ್ಣಕುಂಭ ಸ್ವಾಗತದೊಂದಿಗೆ ಬರಮಾಡಿಕೊಂಡರು. ಕ್ಷೇತ್ರದ ತಂತ್ರಿಗಳು ಶಿಲಾ ಪೂಜೆ ನೆರವೇರಿಸಿದರು. ಜೀರ್ಣೋದ್ಧಾರ ಸಮಿತಿಯ ಅಧ್ಯಕ್ಷರು, ಪದಾಧಿಕಾರಿಗಳು, ಊರ ಭಕ್ತರು ಉಪಸ್ಥಿತರಿದ್ದರು.
ಶಿರಿಯ ಹೊಳೆಯ ಪೂವನಡ-ಬಾಕಿಲಪದವಿನ ಜನರ ದಶಕಗಳ ಬೇಡಿಕೆಗೆ ಇನ್ನೂ ಸಿಕ್ಕಿಲ್ಲ ಪರಿಹಾರ
ಸಂಪರ್ಕ ಸೇತುವೆ, ನೀರು ಸಂಗ್ರಹಣೆಗೆ ಅಣೆಕಟ್ಟು ನಿರ್ಮಿಸಲು ಕೃಷಿಕರ ಒತ್ತಾಯ
ಪೆರ್ಲ: ಪೂವನಡ ಶಿರಿಯ ಹೊಳೆಗೆ ಅಣೆಕಟ್ಟು ಮತ್ತು ಸೇತುವೆ ನಿರ್ಮಿಸಬೇಕೆಂಬ ದಶಕಗಳ ಬೇಡಿಕೆ ಇನ್ನೂ ಈಡೇರಿಲ್ಲ. ಶಿರಿಯ ಹೊಳೆಗೆ ಅಡ್ಡಲಾಗಿ ಅಣೆಕಟ್ಟು ನಿರ್ಮಿಸಿದರೆ ಬೇಸಿಗೆಯಲ್ಲಿ ಕೃಷಿಕರಿಗೆ ನೀರಿನ ಕೊರತೆ ನೀಗಲಿದೆ. ಪೂವನಡ ಮತ್ತು ಬಾಕಿಲಪದವು ಪ್ರದೇಶಗಳ ಜನರು ಸೇತುವೆ ಇಲ್ಲದೆ ಸುತ್ತು ಬಳಸಿ ಸಂಚರಿಸಬೇಕಾಗಿದೆ. ಈ ಪ್ರದೇಶದ ವಿದ್ಯಾರ್ಥಿಗಳು ಶಾಲೆಗೆ ತೆರಳಲು ಕಷ್ಟಪಡುತ್ತಿದ್ದಾರೆ.
ನೀರಿನ ಕೊರತೆ ನೀಗಲಿದೆ
ಅಣೆಕಟ್ಟು ನಿರ್ಮಿಸಿದರೆ ಬೇಸಿಗೆಯಲ್ಲಿ ನೀರು ಸಂಗ್ರಹಿಸಿ ಕೃಷಿ ಮತ್ತು ಕುಡಿಯುವ ನೀರಿನ ಕೊರತೆ ಪರಿಹರಿಸಬಹುದು.
ಹೊಳೆಯ ಬಾಯಿಗಳಲ್ಲಿ ನೀರಿನ ಮಟ್ಟ ಹೆಚ್ಚುತ್ತಿದ್ದರೂ ಬೇಸಿಗೆಯಲ್ಲಿ ಇಳಿಮುಖವಾಗುತ್ತದೆ. ಅಡಿಕೆ, ತೆಂಗು, ಬಾಳೆ ಮುಂತಾದ ಕೃಷಿ ನೀರಿನ ಕೊರತೆಯಿಂದ ಹಾನಿಗೊಳಗಾಗುತ್ತಿದೆ. ಸ್ಥಳೀಯರು ಹಲವು ಬಾರಿ ಮನವಿ ಸಲ್ಲಿಸಿದ್ದಾರೆ.
ಮತ್ತು ಬೇಸಿಗೆಯಲ್ಲಿ ಸ್ಥಳೀಯ ಕೃಷಿಕರಿಗೆ ಅನುಕೂಲವಾಗಲಿದೆ. ಈ ಪ್ರದೇಶದ ಜನರ ಬೇಡಿಕೆಯನ್ನು ಸಂಬಂಧಪಟ್ಟವರು ಪರಿಗಣಿಸಬೇಕು ಎಂದು ಒತ್ತಾಯಿಸಲಾಗಿದೆ.
ಹಲವು ಸಮಸ್ಯೆಗಳಿಂದ ಜನಜೀವನ ಬಿಕ್ಕಟ್ಟಿನಲ್ಲಿ
ಶಿರಿಯ ಹೊಳೆ ಸಾಗುವ ಪಡ್ರೆ ಗ್ರಾಮವು ಹಲವು ಸಮಸ್ಯೆಗಳಿಂದ ಕೂಡಿದೆ. ಹೊಳೆಯ ಇನ್ನೊಂದು ಭಾಗದಲ್ಲಿರುವ ಜನರು ಸೇತುವೆ ಇಲ್ಲದ ಕಾರಣ ಸುತ್ತು ಬಳಸಿ ಪ್ರಯಾಣಿಸಬೇಕಾಗಿದೆ. ಶಾಲೆಗೆ ತೆರಳುವ ಮಕ್ಕಳು ಹೊಳೆ ದಾಟಲು ಕಷ್ಟಪಡುತ್ತಿದ್ದಾರೆ. ಬೇಸಿಗೆಯಲ್ಲಿ ಕುಡಿಯುವ ನೀರಿಗೂ ಪರದಾಡಬೇಕಾದ ಸ್ಥಿತಿ ಇದೆ.
ಸೇತುವೆ ನಿರ್ಮಾಣಕ್ಕೆ ಹೆಚ್ಚಿದ ಬೇಡಿಕೆ
ಎಣ್ಮಕಜೆ ಗ್ರಾ.ಪಂ.ನಲ್ಲಿ ಹರಿಯುವ ಹೊಳೆ ಜನರಿಗೆ ಸಂಚಾರ ಮಾರ್ಗ ಅನಿವಾರ್ಯವಾಗಿದೆ. ಸೇತುವೆ ನಿರ್ಮಾಣ ಮಾಡಿದರೆ ಪೂವನಡ - ಬಾಕಿಲಪದವು ನಡುವೆ ನೇರ ಸಂಪರ್ಕ ಸಾಧ್ಯವಾಗಲಿದೆ. ಸಂಬಂಧಪಟ್ಟ ಇಲಾಖೆಗಳು ಶೀಘ್ರ ಕ್ರಮ ಕೈಗೊಳ್ಳಬೇಕು ಎಂದು ನಾಗರಿಕರು ಆಗ್ರಹಿಸಿದ್ದಾರೆ.
